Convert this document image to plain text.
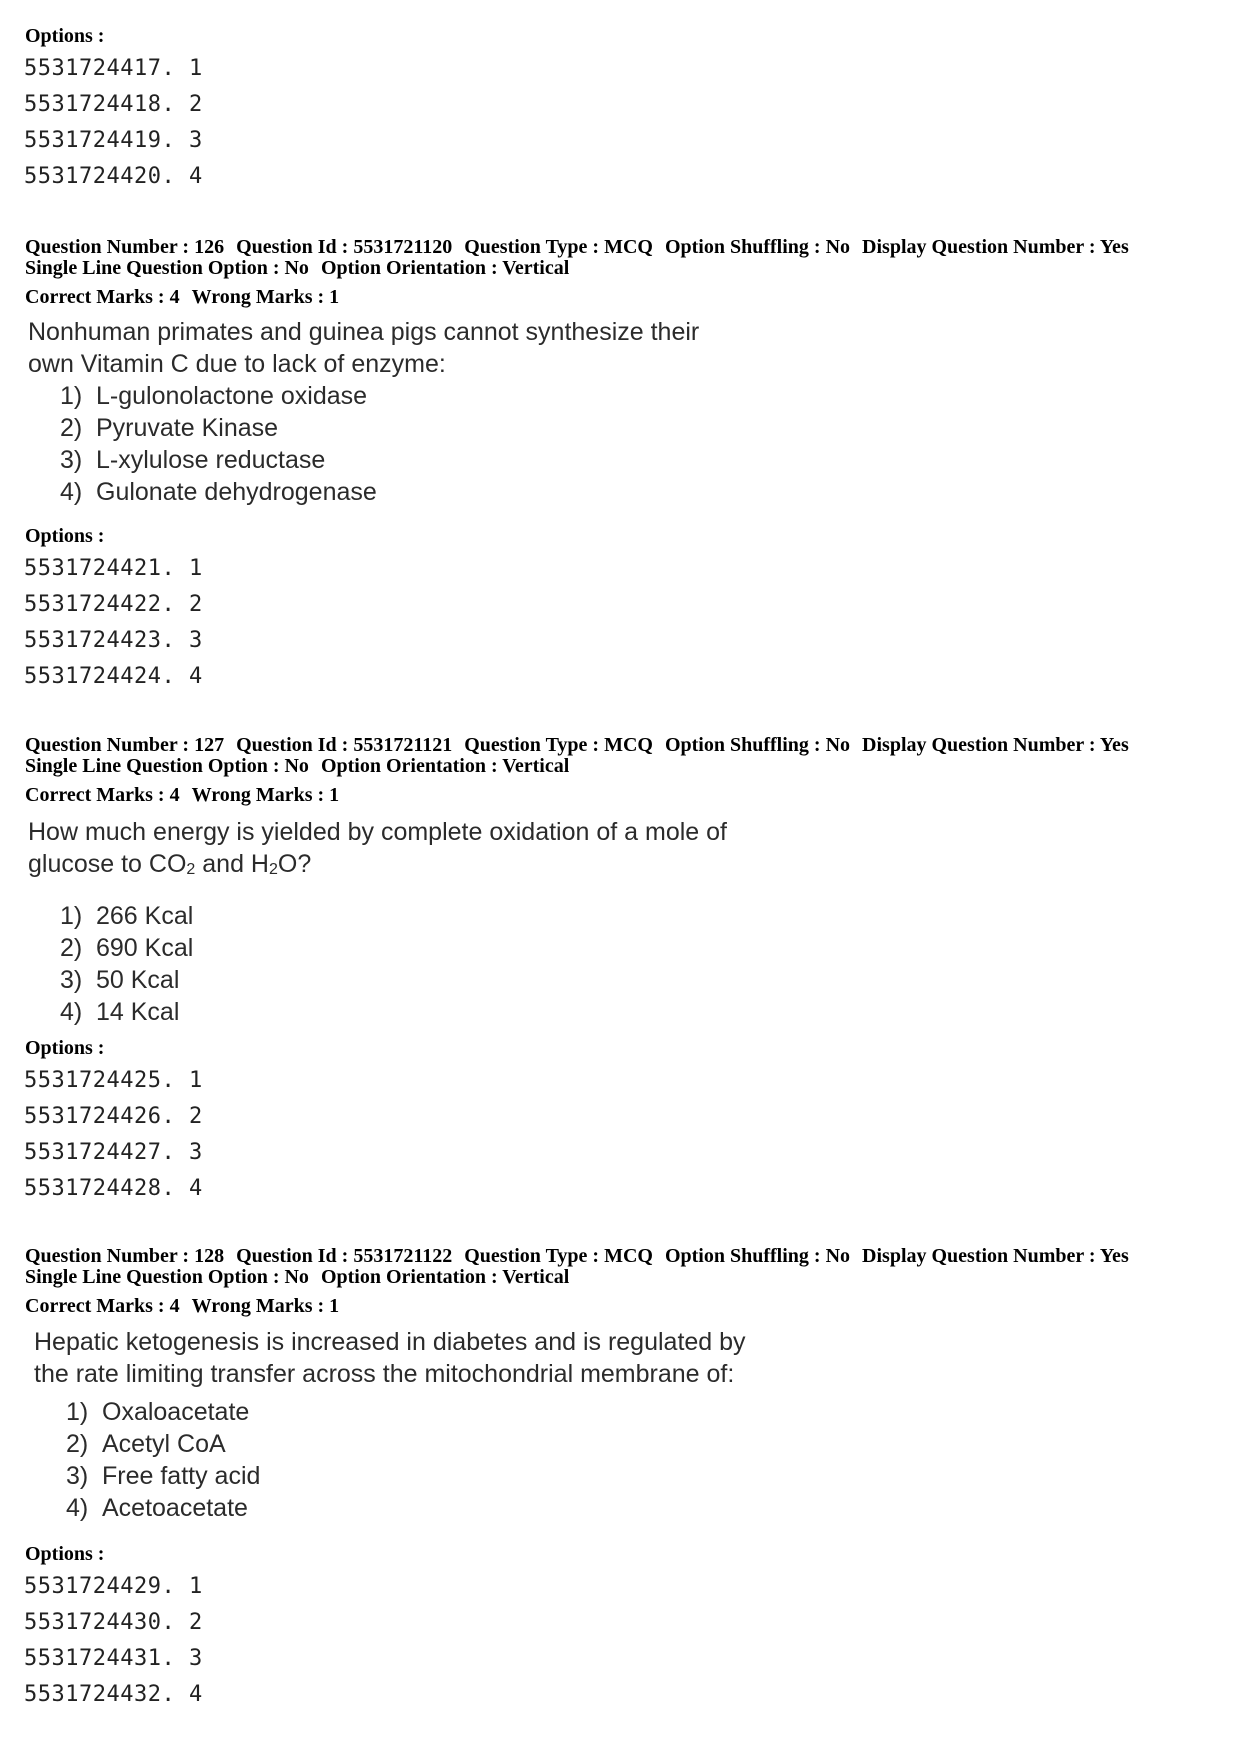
Options :
5531724417. 1
5531724418. 2
5531724419. 3
5531724420. 4
Question Number : 126 Question Id : 5531721120 Question Type : MCQ Option Shuffling : No Display Question Number : Yes
Single Line Question Option : No Option Orientation : Vertical
Correct Marks : 4 Wrong Marks : 1
Nonhuman primates and guinea pigs cannot synthesize their
own Vitamin C due to lack of enzyme:
1) L-gulonolactone oxidase
2) Pyruvate Kinase
3) L-xylulose reductase
4) Gulonate dehydrogenase
Options :
5531724421. 1
5531724422. 2
5531724423. 3
5531724424. 4
Question Number : 127 Question Id : 5531721121 Question Type : MCQ Option Shuffling : No Display Question Number : Yes
Single Line Question Option : No Option Orientation : Vertical
Correct Marks : 4 Wrong Marks : 1
How much energy is yielded by complete oxidation of a mole of
glucose to $CO_2$ and $H_2O$?
1) 266 Kcal
2) 690 Kcal
3) 50 Kcal
4) 14 Kcal
Options :
5531724425. 1
5531724426. 2
5531724427. 3
5531724428. 4
Question Number : 128 Question Id : 5531721122 Question Type : MCQ Option Shuffling : No Display Question Number : Yes
Single Line Question Option : No Option Orientation : Vertical
Correct Marks : 4 Wrong Marks : 1
Hepatic ketogenesis is increased in diabetes and is regulated by
the rate limiting transfer across the mitochondrial membrane of:
1) Oxaloacetate
2) Acetyl CoA
3) Free fatty acid
4) Acetoacetate
Options :
5531724429. 1
5531724430. 2
5531724431. 3
5531724432. 4
